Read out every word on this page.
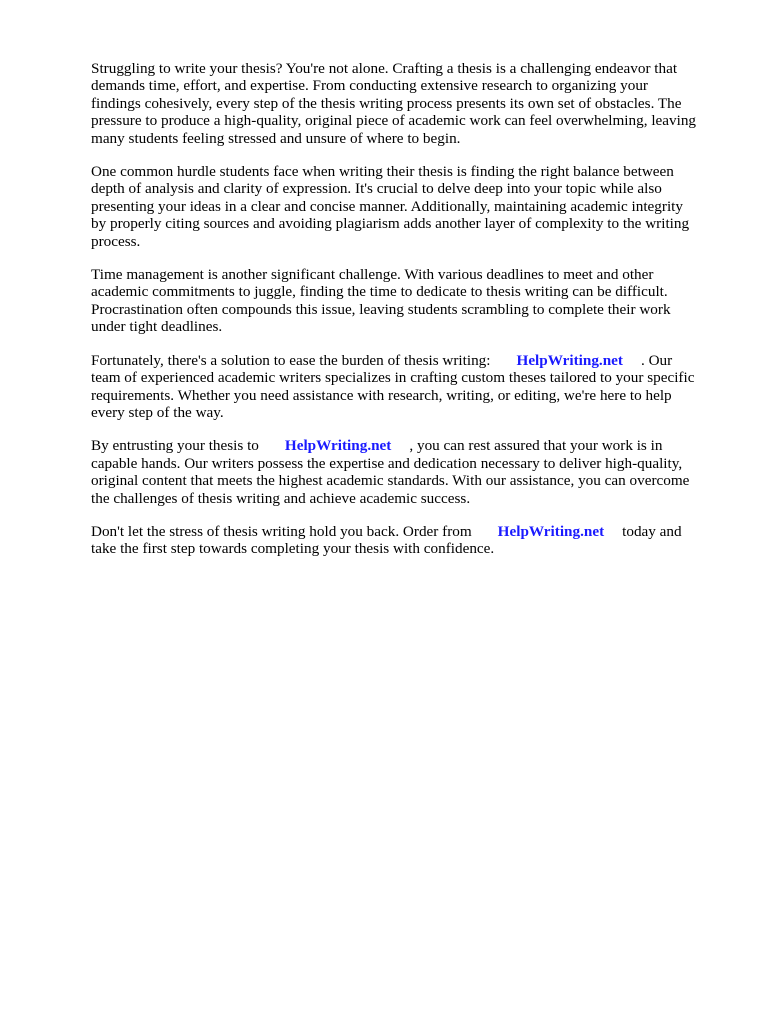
Struggling to write your thesis? You're not alone. Crafting a thesis is a challenging endeavor that demands time, effort, and expertise. From conducting extensive research to organizing your findings cohesively, every step of the thesis writing process presents its own set of obstacles. The pressure to produce a high-quality, original piece of academic work can feel overwhelming, leaving many students feeling stressed and unsure of where to begin.

One common hurdle students face when writing their thesis is finding the right balance between depth of analysis and clarity of expression. It's crucial to delve deep into your topic while also presenting your ideas in a clear and concise manner. Additionally, maintaining academic integrity by properly citing sources and avoiding plagiarism adds another layer of complexity to the writing process.

Time management is another significant challenge. With various deadlines to meet and other academic commitments to juggle, finding the time to dedicate to thesis writing can be difficult. Procrastination often compounds this issue, leaving students scrambling to complete their work under tight deadlines.

Fortunately, there's a solution to ease the burden of thesis writing: HelpWriting.net . Our team of experienced academic writers specializes in crafting custom theses tailored to your specific requirements. Whether you need assistance with research, writing, or editing, we're here to help every step of the way.

By entrusting your thesis to HelpWriting.net , you can rest assured that your work is in capable hands. Our writers possess the expertise and dedication necessary to deliver high-quality, original content that meets the highest academic standards. With our assistance, you can overcome the challenges of thesis writing and achieve academic success.

Don't let the stress of thesis writing hold you back. Order from HelpWriting.net today and take the first step towards completing your thesis with confidence.
